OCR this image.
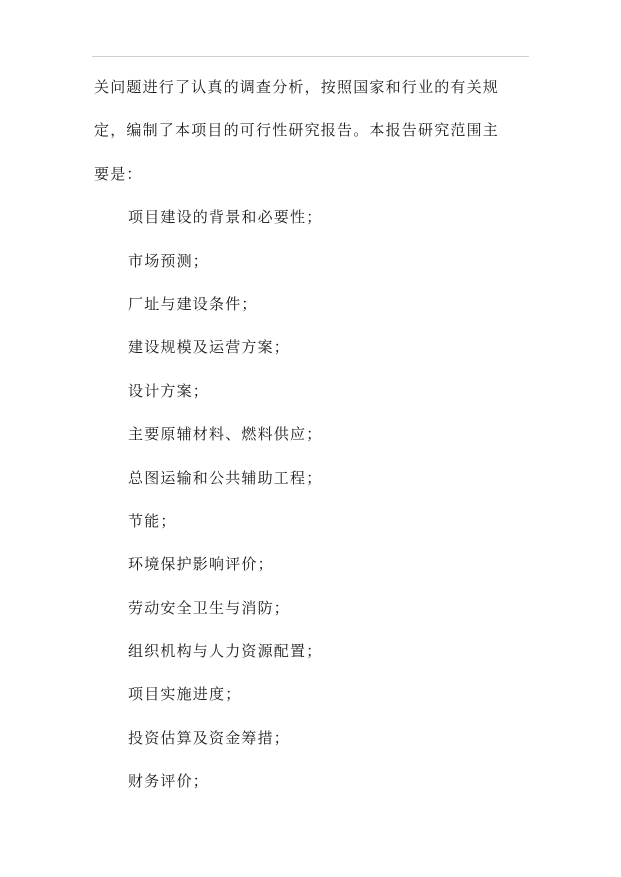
关问题进行了认真的调查分析，按照国家和行业的有关规
定，编制了本项目的可行性研究报告。本报告研究范围主
要是：
项目建设的背景和必要性；
市场预测；
厂址与建设条件；
建设规模及运营方案；
设计方案；
主要原辅材料、燃料供应；
总图运输和公共辅助工程；
节能；
环境保护影响评价；
劳动安全卫生与消防；
组织机构与人力资源配置；
项目实施进度；
投资估算及资金筹措；
财务评价；
